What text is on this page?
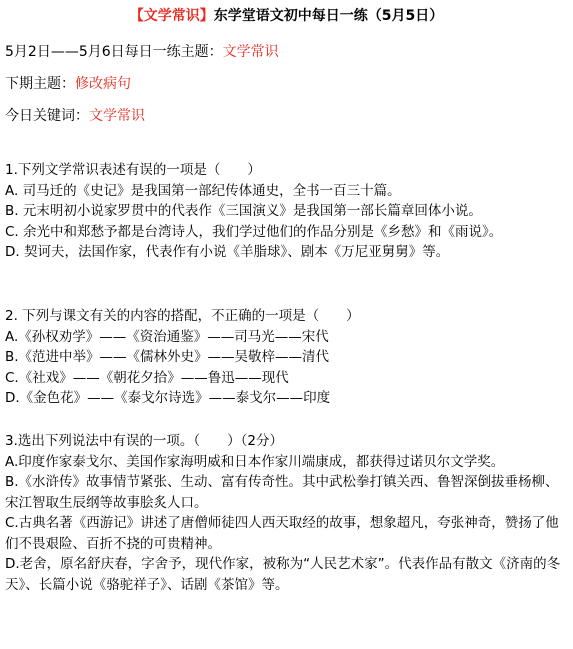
【文学常识】东学堂语文初中每日一练（5月5日）
5月2日——5月6日每日一练主题：文学常识
下期主题：修改病句
今日关键词：文学常识
1.下列文学常识表述有误的一项是（　　）
A. 司马迁的《史记》是我国第一部纪传体通史，全书一百三十篇。
B. 元末明初小说家罗贯中的代表作《三国演义》是我国第一部长篇章回体小说。
C. 余光中和郑愁予都是台湾诗人，我们学过他们的作品分别是《乡愁》和《雨说》。
D. 契诃夫，法国作家，代表作有小说《羊脂球》、剧本《万尼亚舅舅》等。
2. 下列与课文有关的内容的搭配，不正确的一项是（　　）
A.《孙权劝学》——《资治通鉴》——司马光——宋代
B.《范进中举》——《儒林外史》——吴敬梓——清代
C.《社戏》——《朝花夕拾》——鲁迅——现代
D.《金色花》——《泰戈尔诗选》——泰戈尔——印度
3.选出下列说法中有误的一项。（　　）（2分）
A.印度作家泰戈尔、美国作家海明威和日本作家川端康成，都获得过诺贝尔文学奖。
B.《水浒传》故事情节紧张、生动、富有传奇性。其中武松拳打镇关西、鲁智深倒拔垂杨柳、宋江智取生辰纲等故事脍炙人口。
C.古典名著《西游记》讲述了唐僧师徒四人西天取经的故事，想象超凡，夸张神奇，赞扬了他们不畏艰险、百折不挠的可贵精神。
D.老舍，原名舒庆春，字舍予，现代作家，被称为“人民艺术家”。代表作品有散文《济南的冬天》、长篇小说《骆驼祥子》、话剧《茶馆》等。
